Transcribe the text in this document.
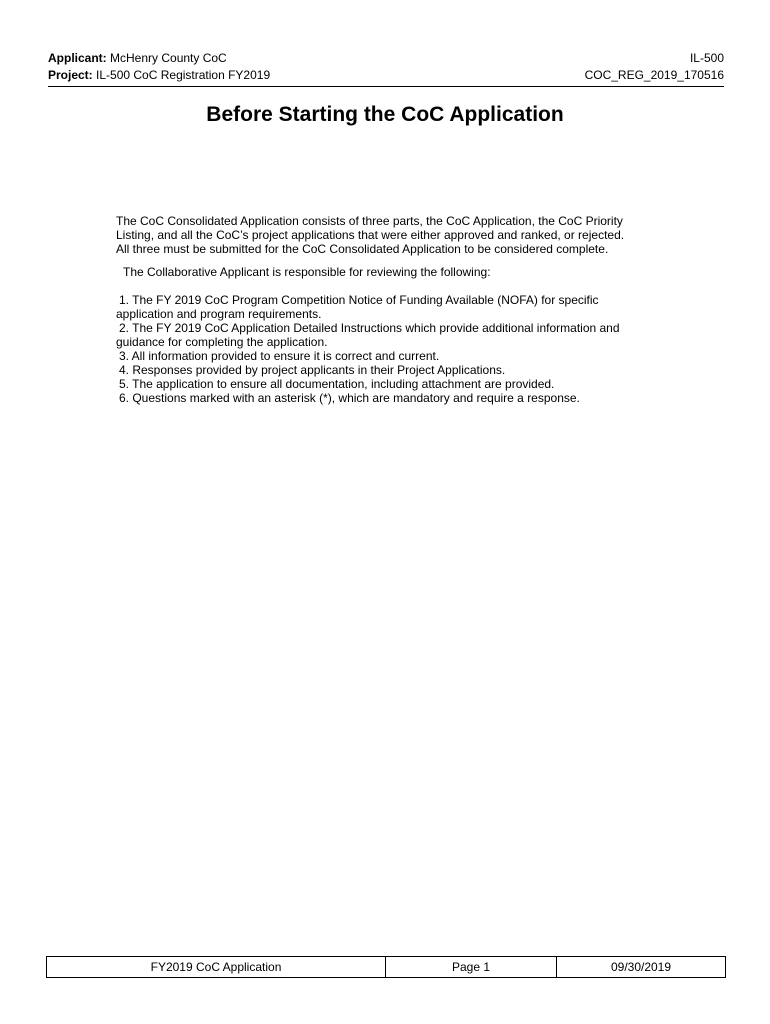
Applicant: McHenry County CoC
Project: IL-500 CoC Registration FY2019
IL-500
COC_REG_2019_170516
Before Starting the CoC Application

The CoC Consolidated Application consists of three parts, the CoC Application, the CoC Priority

Listing, and all the CoC’s project applications that were either approved and ranked, or rejected.

All three must be submitted for the CoC Consolidated Application to be considered complete.

The Collaborative Applicant is responsible for reviewing the following:

1. The FY 2019 CoC Program Competition Notice of Funding Available (NOFA) for specific
application and program requirements.
2. The FY 2019 CoC Application Detailed Instructions which provide additional information and
guidance for completing the application.
3. All information provided to ensure it is correct and current.
4. Responses provided by project applicants in their Project Applications.
5. The application to ensure all documentation, including attachment are provided.
6. Questions marked with an asterisk (*), which are mandatory and require a response.
FY2019 CoC Application	Page 1	09/30/2019
